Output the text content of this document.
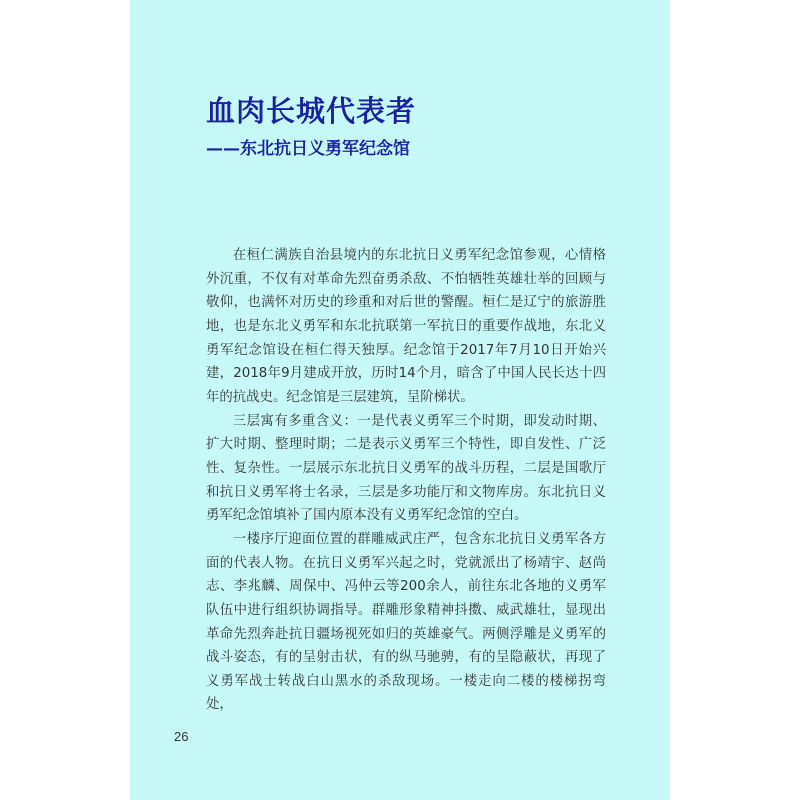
血肉长城代表者
——东北抗日义勇军纪念馆

在桓仁满族自治县境内的东北抗日义勇军纪念馆参观，心情格外沉重，不仅有对革命先烈奋勇杀敌、不怕牺牲英雄壮举的回顾与敬仰，也满怀对历史的珍重和对后世的警醒。桓仁是辽宁的旅游胜地，也是东北义勇军和东北抗联第一军抗日的重要作战地，东北义勇军纪念馆设在桓仁得天独厚。纪念馆于2017年7月10日开始兴建，2018年9月建成开放，历时14个月，暗含了中国人民长达十四年的抗战史。纪念馆是三层建筑，呈阶梯状。

三层寓有多重含义：一是代表义勇军三个时期，即发动时期、扩大时期、整理时期；二是表示义勇军三个特性，即自发性、广泛性、复杂性。一层展示东北抗日义勇军的战斗历程，二层是国歌厅和抗日义勇军将士名录，三层是多功能厅和文物库房。东北抗日义勇军纪念馆填补了国内原本没有义勇军纪念馆的空白。

一楼序厅迎面位置的群雕威武庄严，包含东北抗日义勇军各方面的代表人物。在抗日义勇军兴起之时，党就派出了杨靖宇、赵尚志、李兆麟、周保中、冯仲云等200余人，前往东北各地的义勇军队伍中进行组织协调指导。群雕形象精神抖擞、威武雄壮，显现出革命先烈奔赴抗日疆场视死如归的英雄豪气。两侧浮雕是义勇军的战斗姿态，有的呈射击状，有的纵马驰骋，有的呈隐蔽状，再现了义勇军战士转战白山黑水的杀敌现场。一楼走向二楼的楼梯拐弯处，

26
